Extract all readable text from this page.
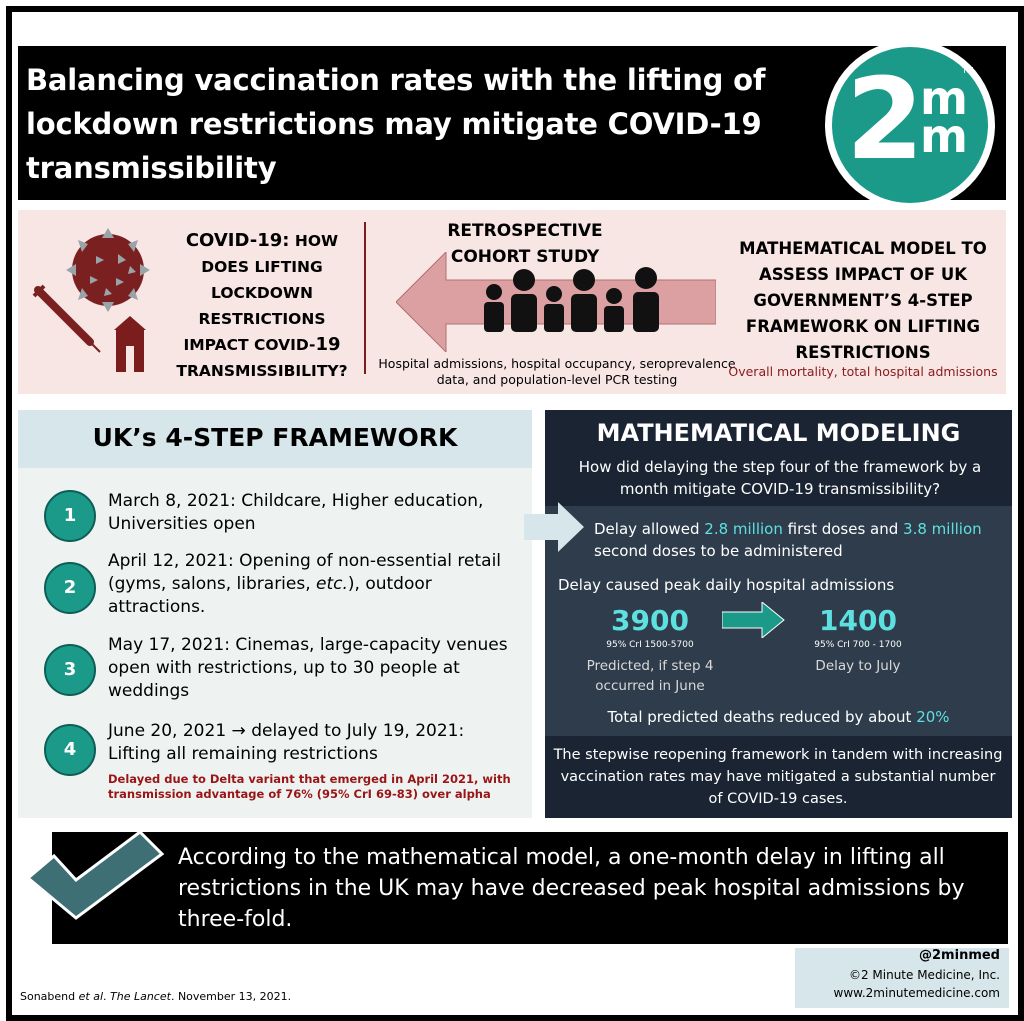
Balancing vaccination rates with the lifting of lockdown restrictions may mitigate COVID-19 transmissibility	2 m
m
TM
COVID-19: HOW DOES LIFTING LOCKDOWN RESTRICTIONS IMPACT COVID-19 TRANSMISSIBILITY?
RETROSPECTIVE COHORT STUDY
Hospital admissions, hospital occupancy, seroprevalence data, and population-level PCR testing
MATHEMATICAL MODEL TO ASSESS IMPACT OF UK GOVERNMENT’S 4-STEP FRAMEWORK ON LIFTING RESTRICTIONS
Overall mortality, total hospital admissions
UK’s 4-STEP FRAMEWORK
1
March 8, 2021: Childcare, Higher education, Universities open
2
April 12, 2021: Opening of non-essential retail (gyms, salons, libraries, etc.), outdoor attractions.
3
May 17, 2021: Cinemas, large-capacity venues open with restrictions, up to 30 people at weddings
4
June 20, 2021 → delayed to July 19, 2021: Lifting all remaining restrictions
Delayed due to Delta variant that emerged in April 2021, with transmission advantage of 76% (95% CrI 69-83) over alpha
MATHEMATICAL MODELING
How did delaying the step four of the framework by a month mitigate COVID-19 transmissibility?
Delay allowed 2.8 million first doses and 3.8 million second doses to be administered
Delay caused peak daily hospital admissions
3900
95% CrI 1500-5700
Predicted, if step 4 occurred in June
1400
95% CrI 700 - 1700
Delay to July
Total predicted deaths reduced by about 20%
The stepwise reopening framework in tandem with increasing vaccination rates may have mitigated a substantial number of COVID-19 cases.
According to the mathematical model, a one-month delay in lifting all restrictions in the UK may have decreased peak hospital admissions by three-fold.
@2minmed
©2 Minute Medicine, Inc.
www.2minutemedicine.com
Sonabend et al. The Lancet. November 13, 2021.
